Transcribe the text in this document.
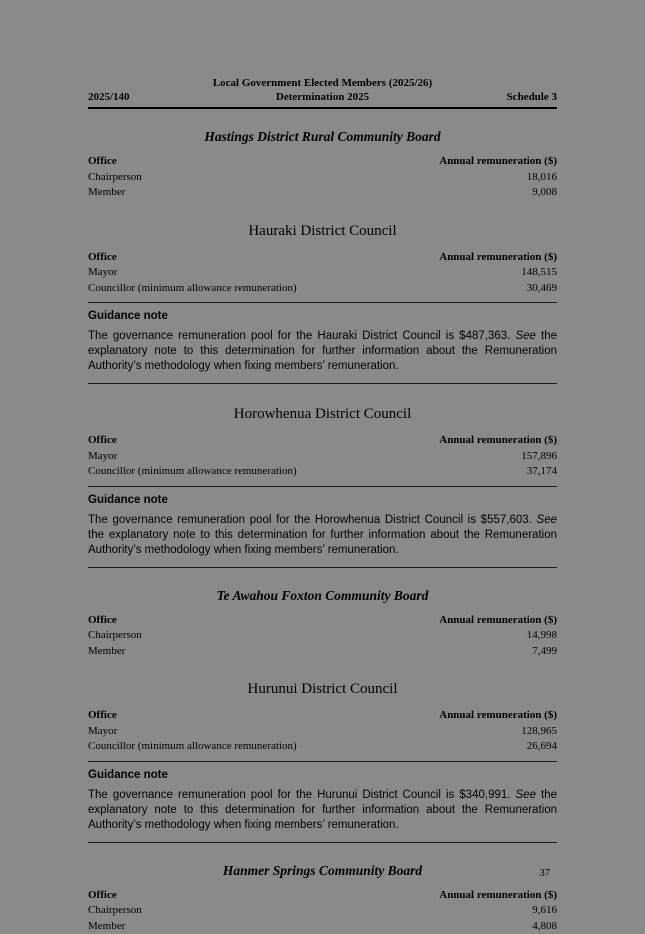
2025/140
Local Government Elected Members (2025/26)
Determination 2025	Schedule 3
Hastings District Rural Community Board
Office	Annual remuneration ($)
Chairperson	18,016
Member	9,008
Hauraki District Council
Office	Annual remuneration ($)
Mayor	148,515
Councillor (minimum allowance remuneration)	30,469
Guidance note

The governance remuneration pool for the Hauraki District Council is $487,363. See the explanatory note to this determination for further information about the Remuneration Authority’s methodology when fixing members’ remuneration.

Horowhenua District Council
Office	Annual remuneration ($)
Mayor	157,896
Councillor (minimum allowance remuneration)	37,174
Guidance note

The governance remuneration pool for the Horowhenua District Council is $557,603. See the explanatory note to this determination for further information about the Remuneration Authority’s methodology when fixing members’ remuneration.

Te Awahou Foxton Community Board
Office	Annual remuneration ($)
Chairperson	14,998
Member	7,499
Hurunui District Council
Office	Annual remuneration ($)
Mayor	128,965
Councillor (minimum allowance remuneration)	26,694
Guidance note

The governance remuneration pool for the Hurunui District Council is $340,991. See the explanatory note to this determination for further information about the Remuneration Authority’s methodology when fixing members’ remuneration.

Hanmer Springs Community Board
Office	Annual remuneration ($)
Chairperson	9,616
Member	4,808
37
